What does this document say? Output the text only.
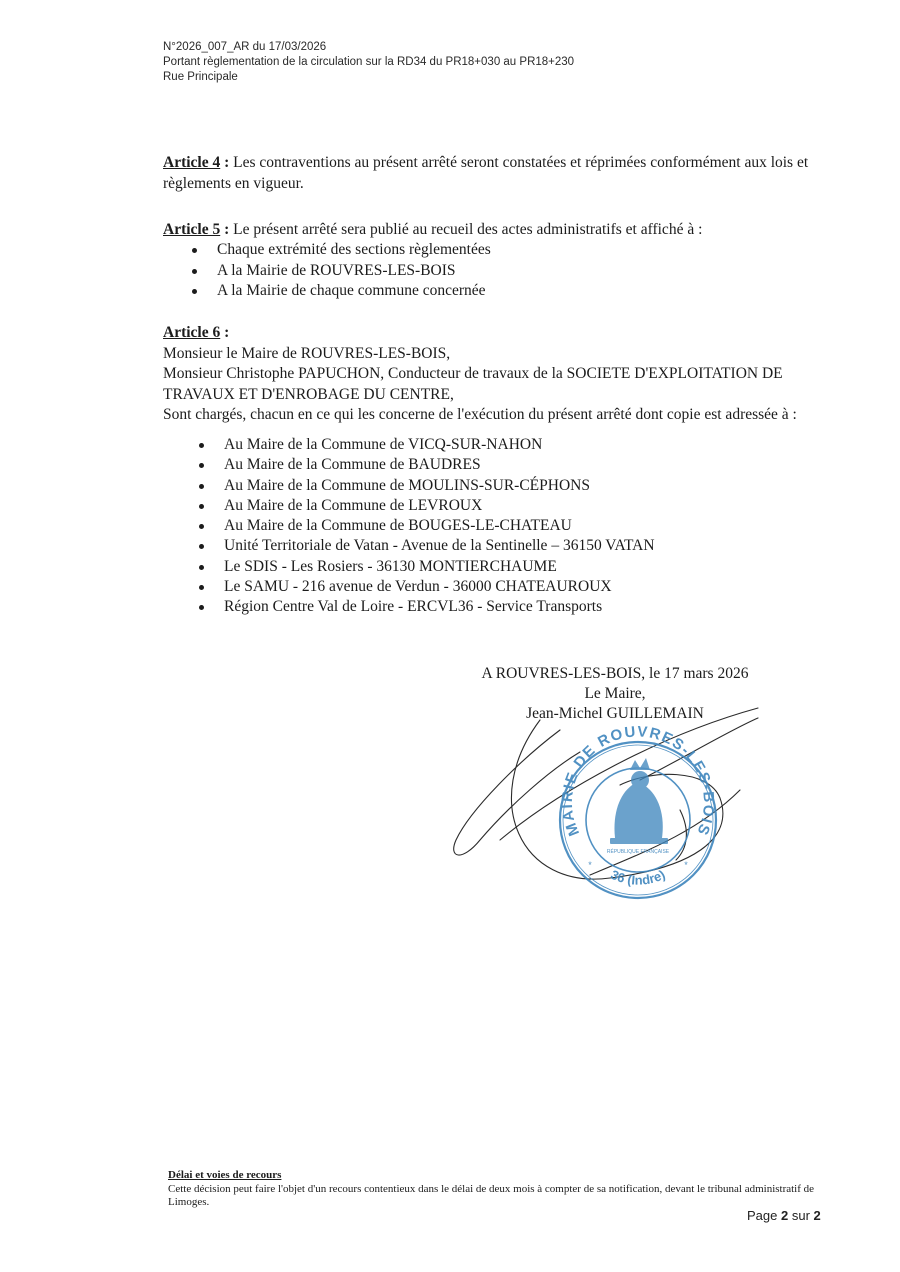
N°2026_007_AR du 17/03/2026
Portant règlementation de la circulation sur la RD34 du PR18+030 au PR18+230
Rue Principale
Article 4 : Les contraventions au présent arrêté seront constatées et réprimées conformément aux lois et règlements en vigueur.
Article 5 : Le présent arrêté sera publié au recueil des actes administratifs et affiché à :
Chaque extrémité des sections règlementées
A la Mairie de ROUVRES-LES-BOIS
A la Mairie de chaque commune concernée
Article 6 :
Monsieur le Maire de ROUVRES-LES-BOIS,
Monsieur Christophe PAPUCHON, Conducteur de travaux de la SOCIETE D'EXPLOITATION DE TRAVAUX ET D'ENROBAGE DU CENTRE,
Sont chargés, chacun en ce qui les concerne de l'exécution du présent arrêté dont copie est adressée à :
Au Maire de la Commune de VICQ-SUR-NAHON
Au Maire de la Commune de BAUDRES
Au Maire de la Commune de MOULINS-SUR-CÉPHONS
Au Maire de la Commune de LEVROUX
Au Maire de la Commune de BOUGES-LE-CHATEAU
Unité Territoriale de Vatan - Avenue de la Sentinelle – 36150 VATAN
Le SDIS - Les Rosiers - 36130 MONTIERCHAUME
Le SAMU - 216 avenue de Verdun - 36000 CHATEAUROUX
Région Centre Val de Loire - ERCVL36 - Service Transports
A ROUVRES-LES-BOIS, le 17 mars 2026
Le Maire,
Jean-Michel GUILLEMAIN
MAIRIE DE ROUVRES-LES-BOIS
36 (Indre)
RÉPUBLIQUE FRANÇAISE
*	*
Délai et voies de recours
Cette décision peut faire l'objet d'un recours contentieux dans le délai de deux mois à compter de sa notification, devant le tribunal administratif de Limoges.
Page 2 sur 2
